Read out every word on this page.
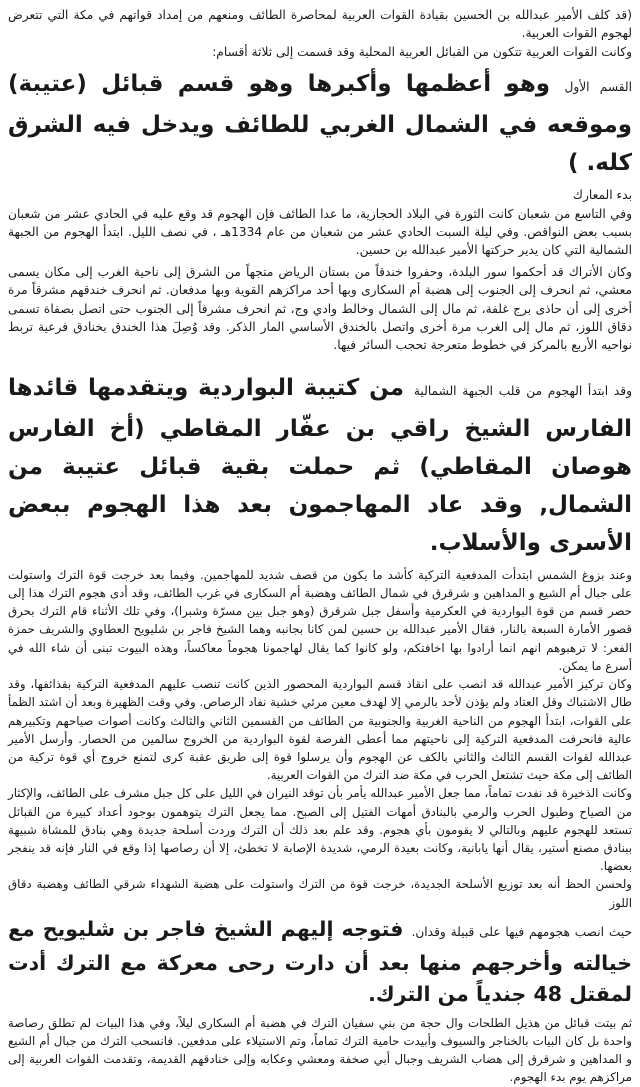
(قد كلف الأمير عبدالله بن الحسين بقيادة القوات العربية لمحاصرة الطائف ومنعهم من إمداد قواتهم في مكة التي تتعرض لهجوم القوات العربية.

وكانت القوات العربية تتكون من القبائل العربية المحلية وقد قسمت إلى ثلاثة أقسام:

القسم الأول وهو أعظمها وأكبرها وهو قسم قبائل (عتيبة) وموقعه في الشمال الغربي للطائف ويدخل فيه الشرق كله. )

بدء المعارك

وفي التاسع من شعبان كانت الثورة في البلاد الحجازية، ما عدا الطائف فإن الهجوم قد وقع عليه في الحادي عشر من شعبان بسبب بعض النواقص. وفي ليلة السبت الحادي عشر من شعبان من عام 1334هـ ، في نصف الليل. ابتدأ الهجوم من الجبهة الشمالية التي كان يدير حركتها الأمير عبدالله بن حسين.

وكان الأتراك قد أحكموا سور البلدة، وحفروا خندقاً من بستان الرياض متجهاً من الشرق إلى ناحية الغرب إلى مكان يسمى معشي، ثم انحرف إلى الجنوب إلى هضبة أم السكارى وبها أحد مراكزهم القوية وبها مدفعان. ثم انحرف خندقهم مشرقاً مرة أخرى إلى أن حاذى برج غلفة، ثم مال إلى الشمال وخالط وادي وج، ثم انحرف مشرفاً إلى الجنوب حتى اتصل بصفاة تسمى دقاق اللوز، ثم مال إلى الغرب مرة أخرى واتصل بالخندق الأساسي المار الذكر. وقد وُصِلَ هذا الخندق بخنادق فرعية تربط نواحيه الأربع بالمركز في خطوط متعرجة تحجب السائر فيها.

وقد ابتدأ الهجوم من قلب الجبهة الشمالية من كتيبة البواردية ويتقدمها قائدها الفارس الشيخ راقي بن عفّار المقاطي (أخ الفارس هوصان المقاطي) ثم حملت بقية قبائل عتيبة من الشمال, وقد عاد المهاجمون بعد هذا الهجوم ببعض الأسرى والأسلاب.

وعند بزوغ الشمس ابتدأت المدفعية التركية كأشد ما يكون من قصف شديد للمهاجمين. وفيما بعد خرجت قوة الترك واستولت على جبال أم الشيع و المداهين و شرقرق في شمال الطائف وهضبة أم السكارى في غرب الطائف، وقد أدى هجوم الترك هذا إلى حصر قسم من قوة البواردية في العكرمية وأسفل جبل شرقرق (وهو جبل بين مسرّة وشبرا)، وفي تلك الأثناء قام الترك بحرق قصور الأمارة السبعة بالنار، فقال الأمير عبدالله بن حسين لمن كانا بجانبه وهما الشيخ فاجر بن شليويح العطاوي والشريف حمزة الفعر: لا ترهبوهم انهم انما أرادوا بها اخافتكم، ولو كانوا كما يقال لهاجمونا هجوماً معاكساً، وهذه البيوت تبنى أن شاء الله في أسرع ما يمكن.

وكان تركيز الأمير عبدالله قد انصب على انقاذ قسم البواردية المحصور الذين كانت تنصب عليهم المدفعية التركية بقذائفها، وقد طال الاشتباك وقل العتاد ولم يؤذن لأحد بالرمي إلا لهدف معين مرئي خشية نفاد الرصاص. وفي وقت الظهيرة وبعد أن اشتد الظمأ على القوات، ابتدأ الهجوم من الناحية الغربية والجنوبية من الطائف من القسمين الثاني والثالث وكانت أصوات صياحهم وتكبيرهم عالية فانحرفت المدفعية التركية إلى ناحيتهم مما أعطى الفرصة لقوة البواردية من الخروج سالمين من الحصار. وأرسل الأمير عبدالله لقوات القسم الثالث والثاني بالكف عن الهجوم وأن يرسلوا قوة إلى طريق عقبة كرى لتمنع خروج أي قوة تركية من الطائف إلى مكة حيث تشتعل الحرب في مكة ضد الترك من القوات العربية.

وكانت الذخيرة قد نفدت تماماً، مما جعل الأمير عبدالله يأمر بأن توقد النيران في الليل على كل جبل مشرف على الطائف، والإكثار من الصياح وطبول الحرب والرمي بالبنادق أمهات الفتيل إلى الصبح. مما يجعل الترك يتوهمون بوجود أعداد كبيرة من القبائل تستعد للهجوم عليهم وبالتالي لا يقومون بأي هجوم. وقد علم بعد ذلك أن الترك وردت أسلحة جديدة وهي بنادق للمشاة شبيهة ببنادق مصنع أستير، يقال أنها يابانية، وكانت بعيدة الرمي، شديدة الإصابة لا تخطئ، إلا أن رصاصها إذا وقع في النار فإنه قد ينفجر بعضها.

ولحسن الحظ أنه بعد توزيع الأسلحة الجديدة، خرجت قوة من الترك واستولت على هضبة الشهداء شرقي الطائف وهضبة دقاق اللوز

حيث انصب هجومهم فيها على قبيلة وقدان. فتوجه إليهم الشيخ فاجر بن شليويح مع خيالته وأخرجهم منها بعد أن دارت رحى معركة مع الترك أدت لمقتل 48 جندياً من الترك.

ثم بيتت قبائل من هذيل الطلحات وال حجة من بني سفيان الترك في هضبة أم السكارى ليلاً، وفي هذا البيات لم تطلق رصاصة واحدة بل كان البيات بالخناجر والسيوف وأبيدت حامية الترك تماماً، وتم الاستيلاء على مدفعين. فانسحب الترك من جبال أم الشيع و المداهين و شرقرق إلى هضاب الشريف وجبال أبي صخفة ومعشي وعكابه وإلى خنادقهم القديمة، وتقدمت القوات العربية إلى مراكزهم يوم بدء الهجوم.
